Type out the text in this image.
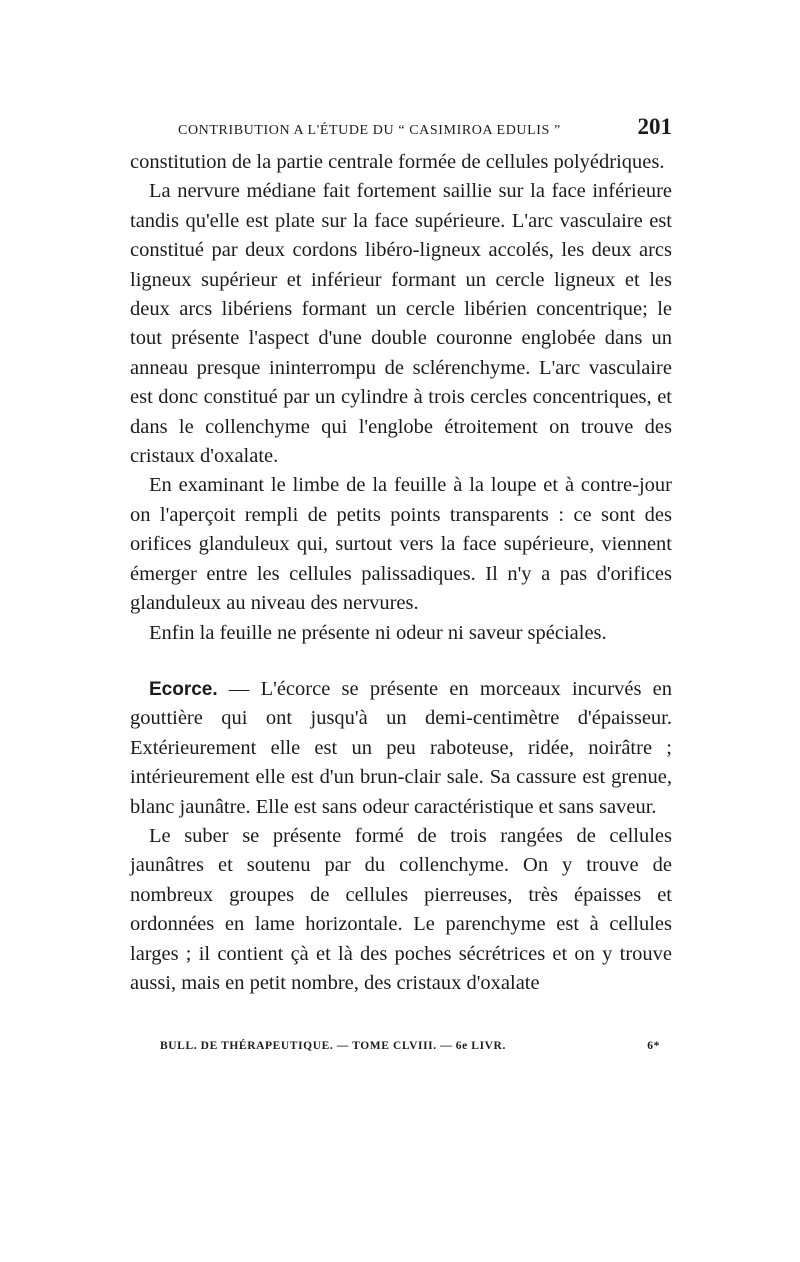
CONTRIBUTION A L'ÉTUDE DU “ CASIMIROA EDULIS ”	201

constitution de la partie centrale formée de cellules polyédriques.

La nervure médiane fait fortement saillie sur la face inférieure tandis qu'elle est plate sur la face supérieure. L'arc vasculaire est constitué par deux cordons libéro-ligneux accolés, les deux arcs ligneux supérieur et inférieur formant un cercle ligneux et les deux arcs libériens formant un cercle libérien concentrique; le tout présente l'aspect d'une double couronne englobée dans un anneau presque ininterrompu de sclérenchyme. L'arc vasculaire est donc constitué par un cylindre à trois cercles concentriques, et dans le collenchyme qui l'englobe étroitement on trouve des cristaux d'oxalate.

En examinant le limbe de la feuille à la loupe et à contre-jour on l'aperçoit rempli de petits points transparents : ce sont des orifices glanduleux qui, surtout vers la face supérieure, viennent émerger entre les cellules palissadiques. Il n'y a pas d'orifices glanduleux au niveau des nervures.

Enfin la feuille ne présente ni odeur ni saveur spéciales.

Ecorce. — L'écorce se présente en morceaux incurvés en gouttière qui ont jusqu'à un demi-centimètre d'épaisseur. Extérieurement elle est un peu raboteuse, ridée, noirâtre ; intérieurement elle est d'un brun-clair sale. Sa cassure est grenue, blanc jaunâtre. Elle est sans odeur caractéristique et sans saveur.

Le suber se présente formé de trois rangées de cellules jaunâtres et soutenu par du collenchyme. On y trouve de nombreux groupes de cellules pierreuses, très épaisses et ordonnées en lame horizontale. Le parenchyme est à cellules larges ; il contient çà et là des poches sécrétrices et on y trouve aussi, mais en petit nombre, des cristaux d'oxalate

BULL. DE THÉRAPEUTIQUE. — TOME CLVIII. — 6e LIVR.	6*
